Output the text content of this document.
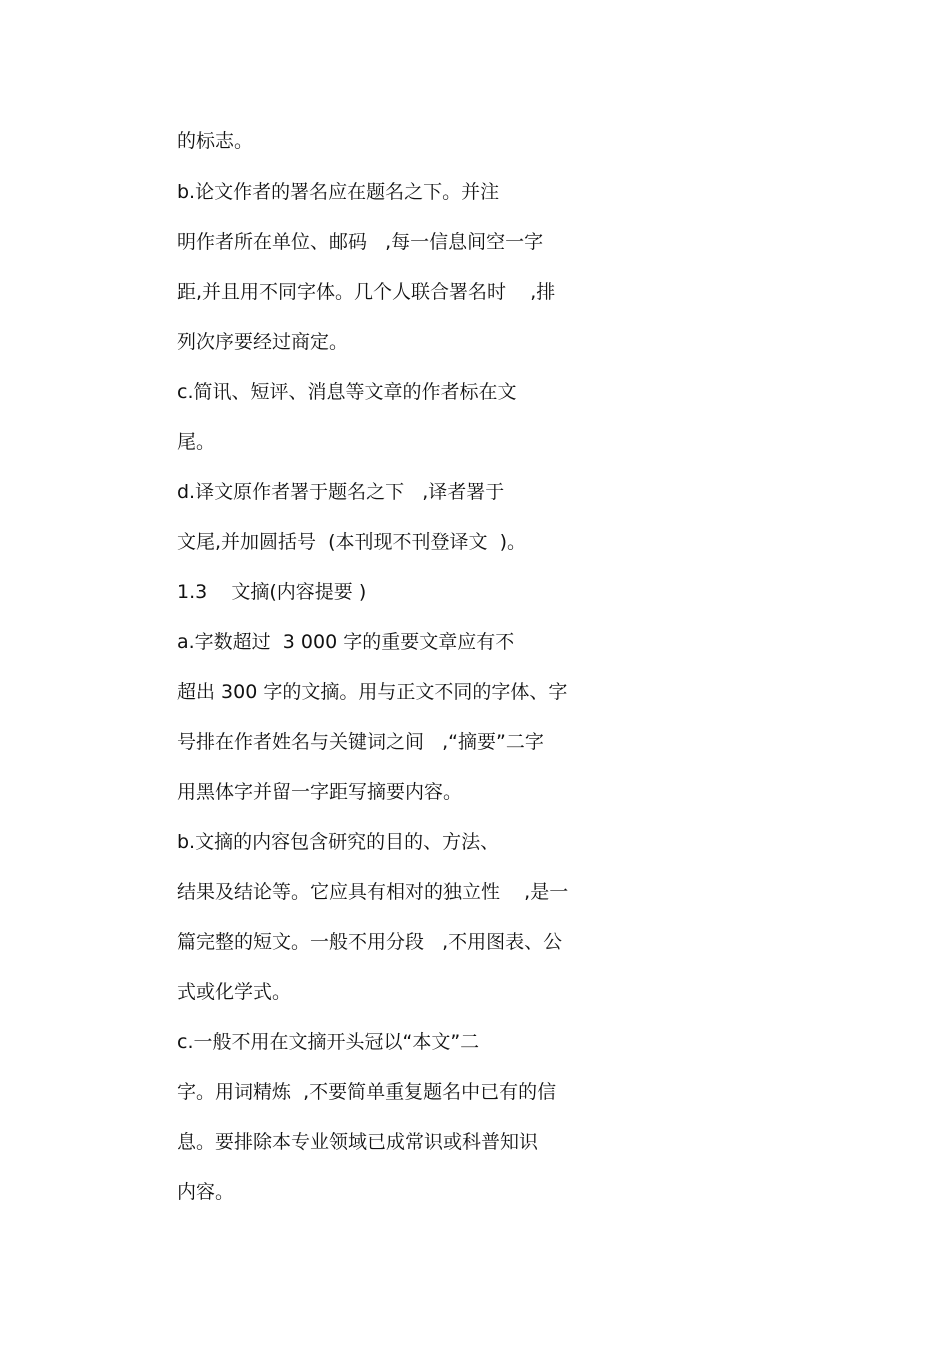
的标志。
b.论文作者的署名应在题名之下。并注
明作者所在单位、邮码   ,每一信息间空一字
距,并且用不同字体。几个人联合署名时    ,排
列次序要经过商定。
c.简讯、短评、消息等文章的作者标在文
尾。
d.译文原作者署于题名之下   ,译者署于
文尾,并加圆括号  (本刊现不刊登译文  )。
1.3    文摘(内容提要 )
a.字数超过  3 000 字的重要文章应有不
超出 300 字的文摘。用与正文不同的字体、字
号排在作者姓名与关键词之间   ,“摘要”二字
用黑体字并留一字距写摘要内容。
b.文摘的内容包含研究的目的、方法、
结果及结论等。它应具有相对的独立性    ,是一
篇完整的短文。一般不用分段   ,不用图表、公
式或化学式。
c.一般不用在文摘开头冠以“本文”二
字。用词精炼  ,不要简单重复题名中已有的信
息。要排除本专业领域已成常识或科普知识
内容。
